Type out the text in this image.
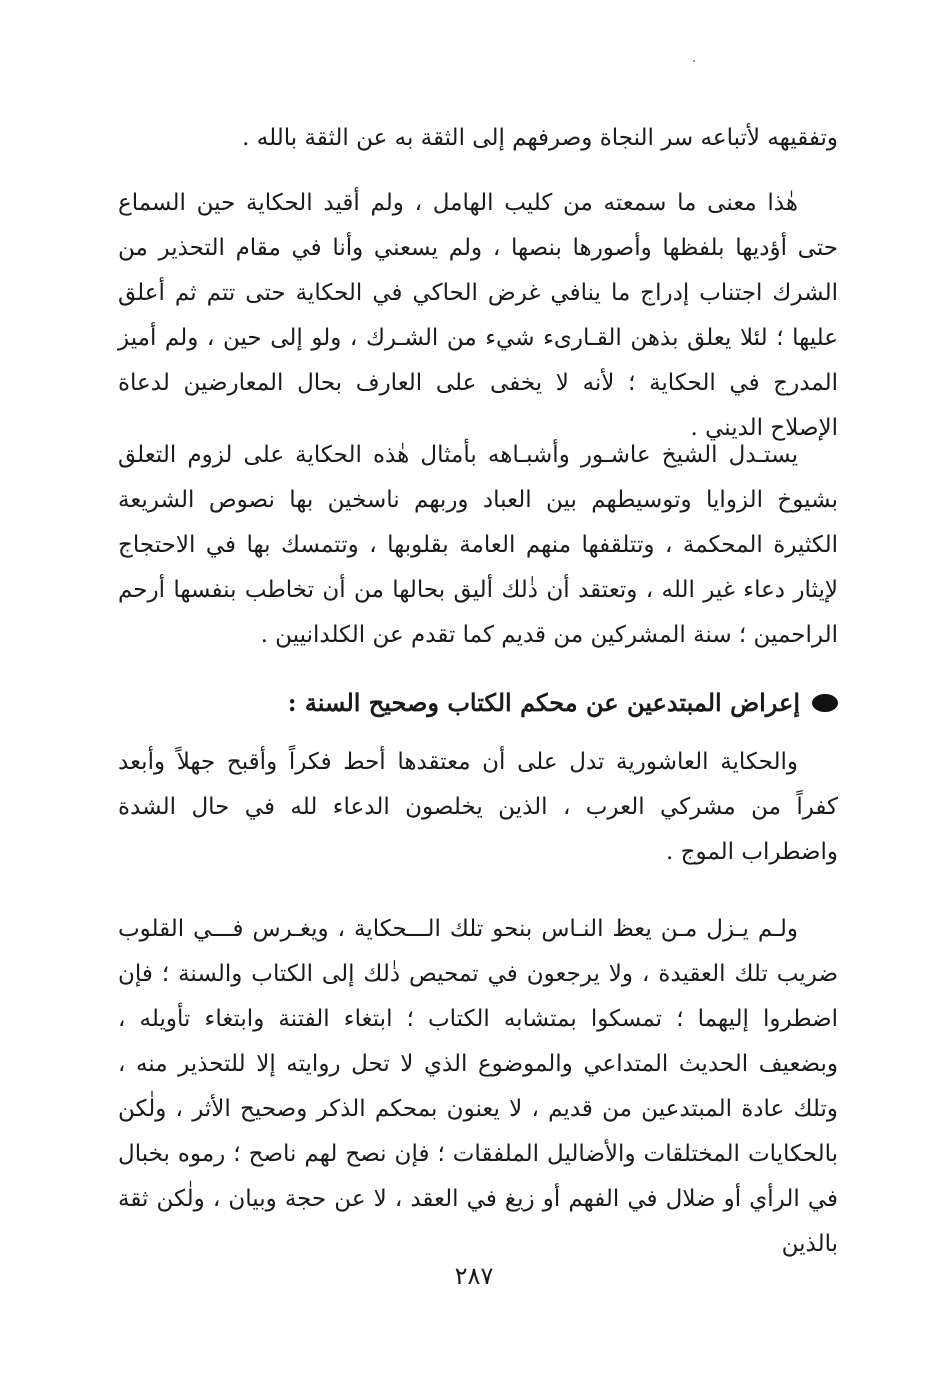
وتفقيهه لأتباعه سر النجاة وصرفهم إلى الثقة به عن الثقة بالله .

هٰذا معنى ما سمعته من كليب الهامل ، ولم أقيد الحكاية حين السماع حتى أؤديها بلفظها وأصورها بنصها ، ولم يسعني وأنا في مقام التحذير من الشرك اجتناب إدراج ما ينافي غرض الحاكي في الحكاية حتى تتم ثم أعلق عليها ؛ لئلا يعلق بذهن القـارىء شيء من الشـرك ، ولو إلى حين ، ولم أميز المدرج في الحكاية ؛ لأنه لا يخفى على العارف بحال المعارضين لدعاة الإصلاح الديني .

يستـدل الشيخ عاشـور وأشبـاهه بأمثال هٰذه الحكاية على لزوم التعلق بشيوخ الزوايا وتوسيطهم بين العباد وربهم ناسخين بها نصوص الشريعة الكثيرة المحكمة ، وتتلقفها منهم العامة بقلوبها ، وتتمسك بها في الاحتجاج لإيثار دعاء غير الله ، وتعتقد أن ذٰلك أليق بحالها من أن تخاطب بنفسها أرحم الراحمين ؛ سنة المشركين من قديم كما تقدم عن الكلدانيين .

إعراض المبتدعين عن محكم الكتاب وصحيح السنة :

والحكاية العاشورية تدل على أن معتقدها أحط فكراً وأقبح جهلاً وأبعد كفراً من مشركي العرب ، الذين يخلصون الدعاء لله في حال الشدة واضطراب الموج .

ولـم يـزل مـن يعظ النـاس بنحو تلك الـــحكاية ، ويغـرس فـــي القلوب ضريب تلك العقيدة ، ولا يرجعون في تمحيص ذٰلك إلى الكتاب والسنة ؛ فإن اضطروا إليهما ؛ تمسكوا بمتشابه الكتاب ؛ ابتغاء الفتنة وابتغاء تأويله ، وبضعيف الحديث المتداعي والموضوع الذي لا تحل روايته إلا للتحذير منه ، وتلك عادة المبتدعين من قديم ، لا يعنون بمحكم الذكر وصحيح الأثر ، ولٰكن بالحكايات المختلقات والأضاليل الملفقات ؛ فإن نصح لهم ناصح ؛ رموه بخبال في الرأي أو ضلال في الفهم أو زيغ في العقد ، لا عن حجة وبيان ، ولٰكن ثقة بالذين

٢٨٧
